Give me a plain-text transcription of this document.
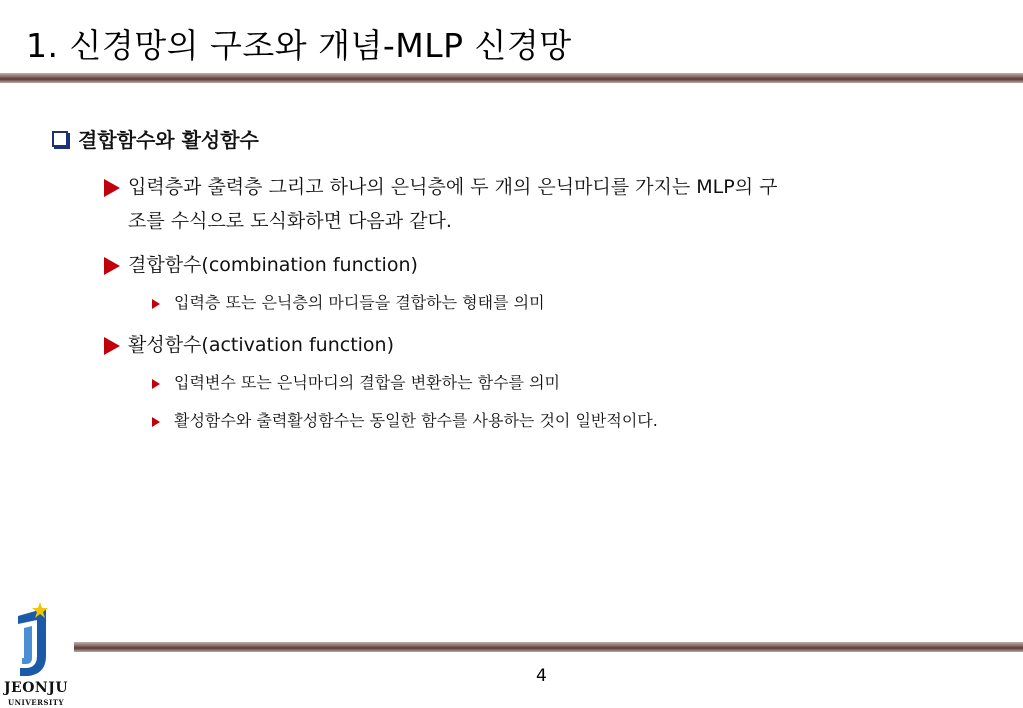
1. 신경망의 구조와 개념-MLP 신경망
결합함수와 활성함수
입력층과 출력층 그리고 하나의 은닉층에 두 개의 은닉마디를 가지는 MLP의 구
조를 수식으로 도식화하면 다음과 같다.
결합함수(combination function)
입력층 또는 은닉층의 마디들을 결합하는 형태를 의미
활성함수(activation function)
입력변수 또는 은닉마디의 결합을 변환하는 함수를 의미
활성함수와 출력활성함수는 동일한 함수를 사용하는 것이 일반적이다.
JEONJU
UNIVERSITY
4
